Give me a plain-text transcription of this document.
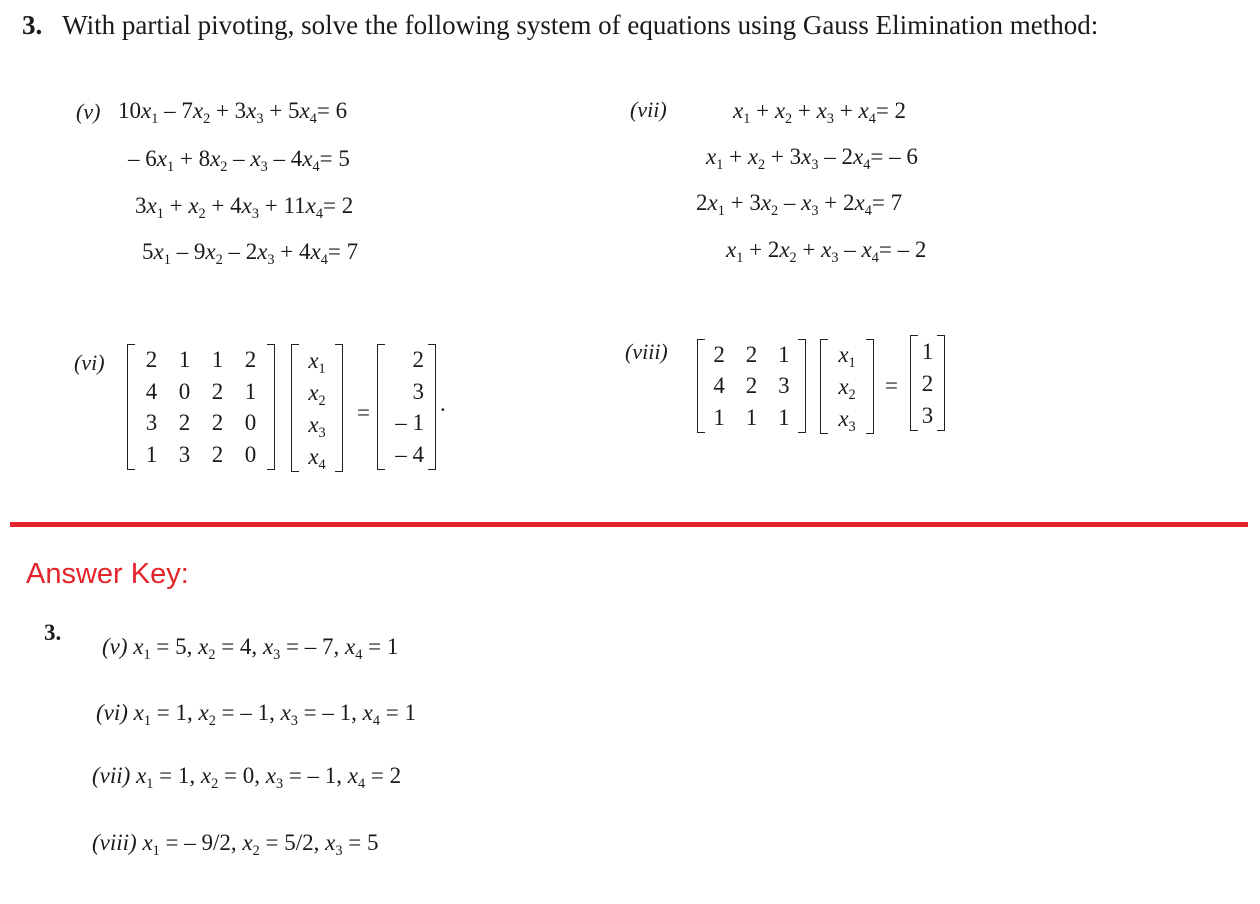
3. With partial pivoting, solve the following system of equations using Gauss Elimination method:
(v) $10x_1 - 7x_2 + 3x_3 + 5x_4= 6$
– $6x_1 + 8x_2 - x_3 - 4x_4= 5$
$3x_1 + x_2 + 4x_3 + 11x_4= 2$
$5x_1 - 9x_2 - 2x_3 + 4x_4= 7$
(vii)	$x_1 + x_2 + x_3 + x_4= 2$
$x_1 + x_2 + 3x_3 - 2x_4= - 6$
$2x_1 + 3x_2 - x_3 + 2x_4= 7$
$x_1 + 2x_2 + x_3 - x_4= - 2$
(vi) 2 1 1 2
4 0 2 1
3 2 2 0
1 3 2 0
$x_1$
$x_2$
$x_3$
$x_4$
=
2
3
– 1
– 4
.
(viii) 2 2 1
4 2 3
1 1 1
$x_1$
$x_2$
$x_3$
=
1
2
3
Answer Key:
3.
(v) $x_1 = 5$, $x_2 = 4$, $x_3$ = – 7, $x_4 = 1$
(vi) $x_1 = 1$, $x_2$ = – 1, $x_3$ = – 1, $x_4 = 1$
(vii) $x_1 = 1$, $x_2 = 0$, $x_3$ = – 1, $x_4 = 2$
(viii) $x_1$ = – 9/2, $x_2 = 5/2$, $x_3 = 5$
